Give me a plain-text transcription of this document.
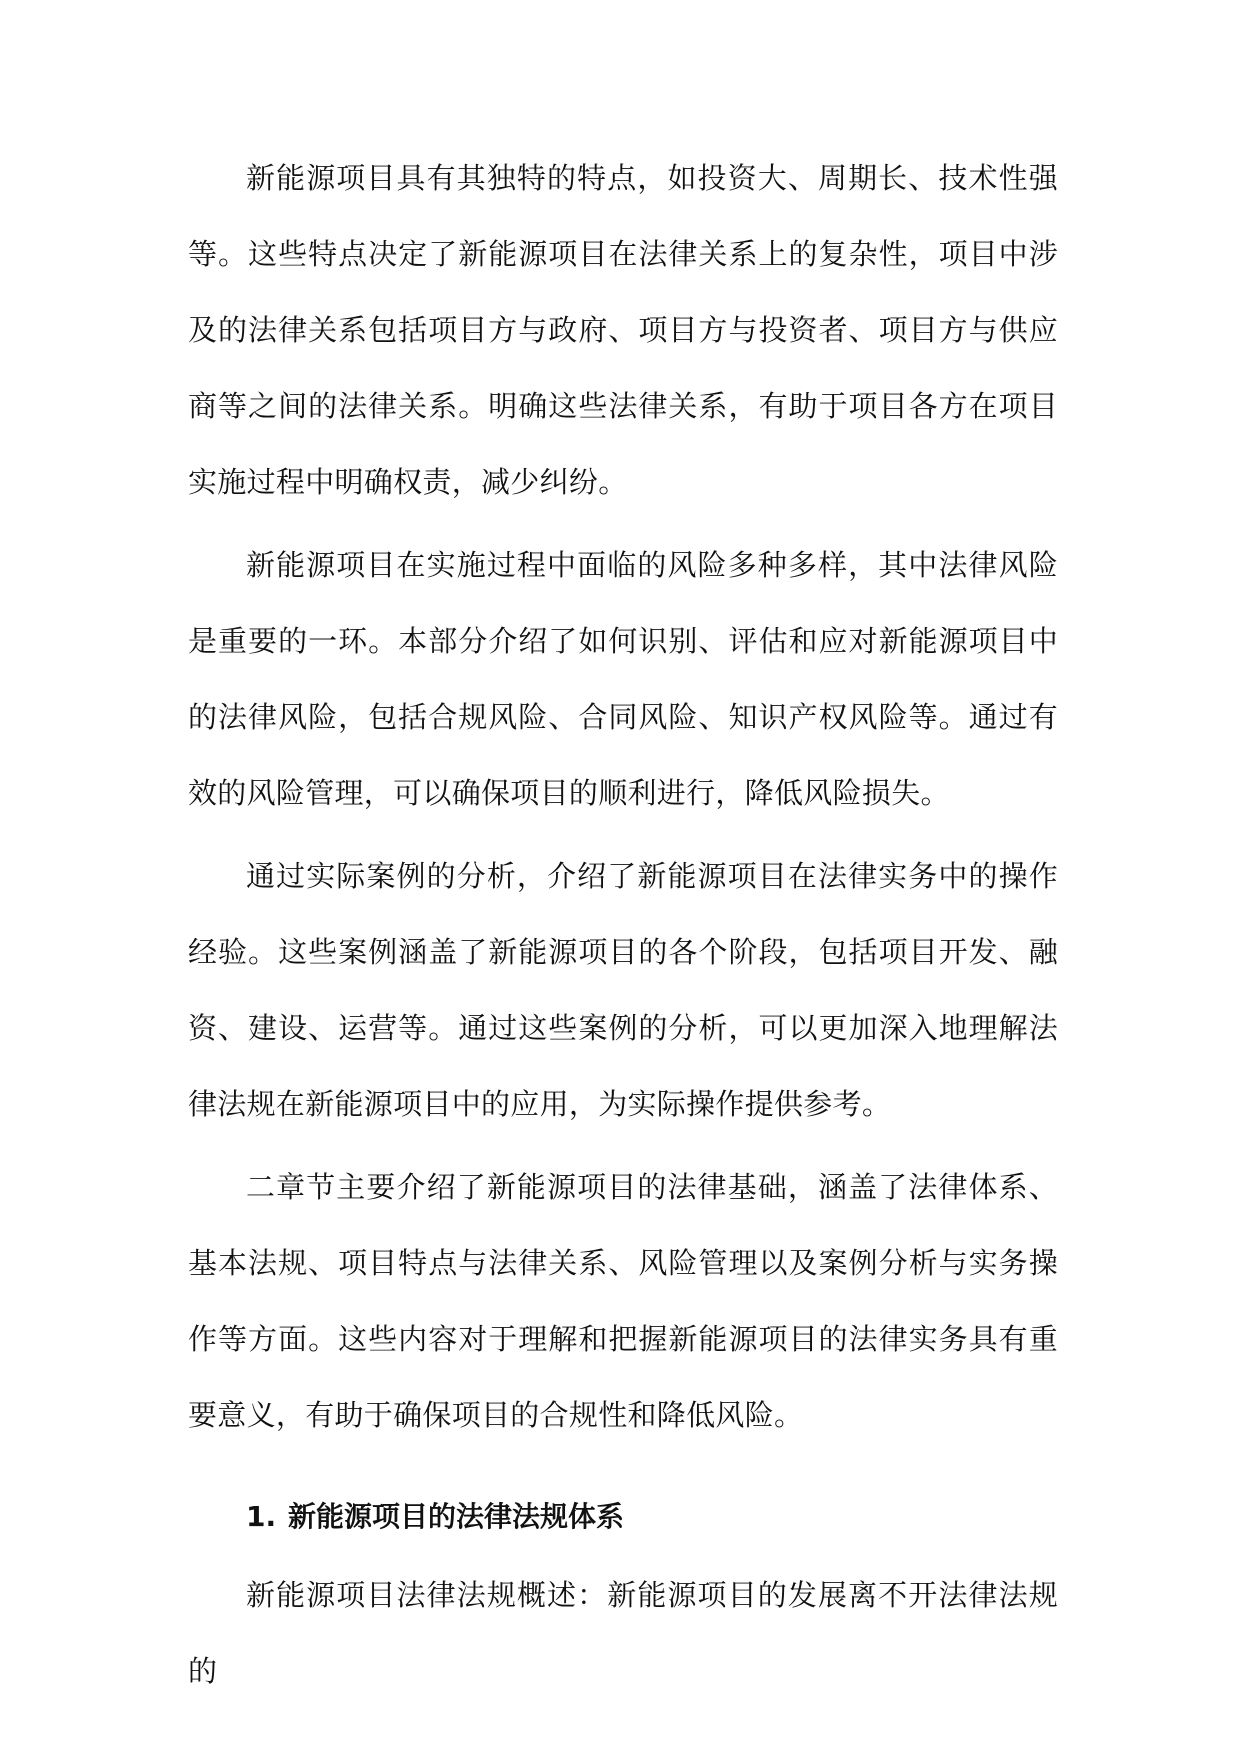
新能源项目具有其独特的特点，如投资大、周期长、技术性强等。这些特点决定了新能源项目在法律关系上的复杂性，项目中涉及的法律关系包括项目方与政府、项目方与投资者、项目方与供应商等之间的法律关系。明确这些法律关系，有助于项目各方在项目实施过程中明确权责，减少纠纷。

新能源项目在实施过程中面临的风险多种多样，其中法律风险是重要的一环。本部分介绍了如何识别、评估和应对新能源项目中的法律风险，包括合规风险、合同风险、知识产权风险等。通过有效的风险管理，可以确保项目的顺利进行，降低风险损失。

通过实际案例的分析，介绍了新能源项目在法律实务中的操作经验。这些案例涵盖了新能源项目的各个阶段，包括项目开发、融资、建设、运营等。通过这些案例的分析，可以更加深入地理解法律法规在新能源项目中的应用，为实际操作提供参考。

二章节主要介绍了新能源项目的法律基础，涵盖了法律体系、基本法规、项目特点与法律关系、风险管理以及案例分析与实务操作等方面。这些内容对于理解和把握新能源项目的法律实务具有重要意义，有助于确保项目的合规性和降低风险。

1. 新能源项目的法律法规体系

新能源项目法律法规概述：新能源项目的发展离不开法律法规的
